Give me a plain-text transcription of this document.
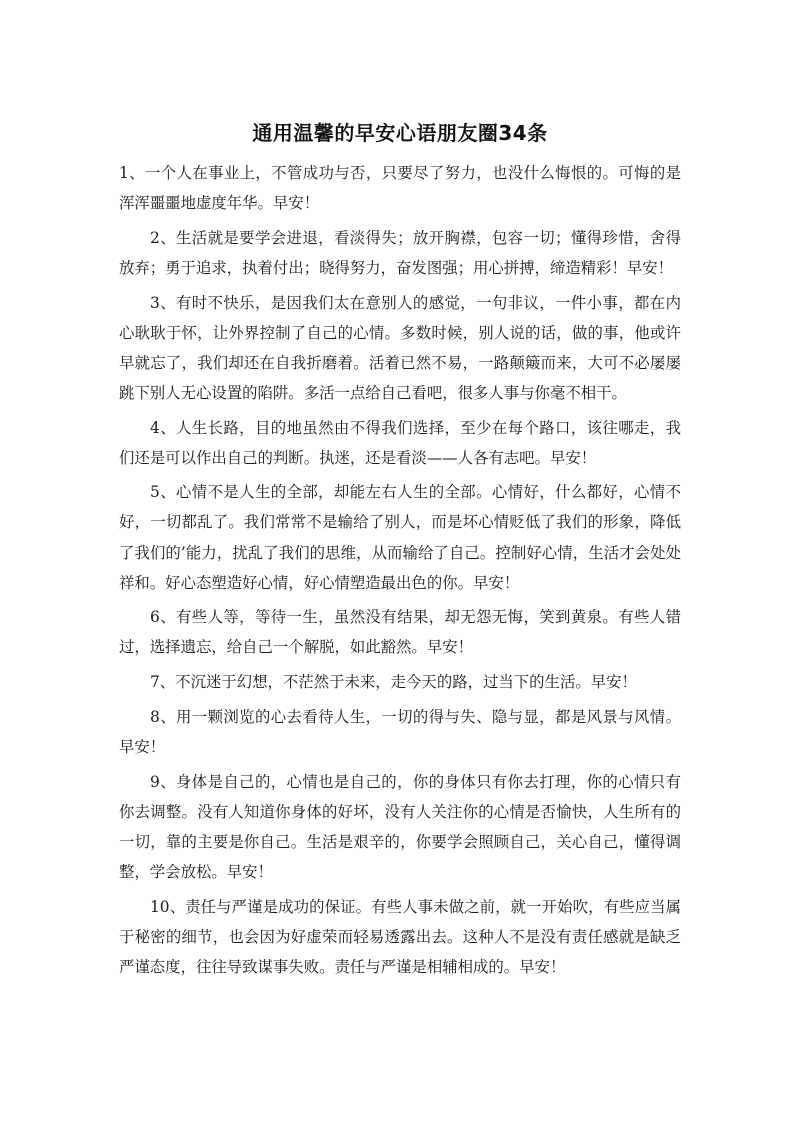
通用温馨的早安心语朋友圈34条

1、一个人在事业上，不管成功与否，只要尽了努力，也没什么悔恨的。可悔的是浑浑噩噩地虚度年华。早安！

2、生活就是要学会进退，看淡得失；放开胸襟，包容一切；懂得珍惜，舍得放弃；勇于追求，执着付出；晓得努力，奋发图强；用心拼搏，缔造精彩！早安！

3、有时不快乐，是因我们太在意别人的感觉，一句非议，一件小事，都在内心耿耿于怀，让外界控制了自己的心情。多数时候，别人说的话，做的事，他或许早就忘了，我们却还在自我折磨着。活着已然不易，一路颠簸而来，大可不必屡屡跳下别人无心设置的陷阱。多活一点给自己看吧，很多人事与你毫不相干。

4、人生长路，目的地虽然由不得我们选择，至少在每个路口，该往哪走，我们还是可以作出自己的判断。执迷，还是看淡——人各有志吧。早安！

5、心情不是人生的全部，却能左右人生的全部。心情好，什么都好，心情不好，一切都乱了。我们常常不是输给了别人，而是坏心情贬低了我们的形象，降低了我们的’能力，扰乱了我们的思维，从而输给了自己。控制好心情，生活才会处处祥和。好心态塑造好心情，好心情塑造最出色的你。早安！

6、有些人等，等待一生，虽然没有结果，却无怨无悔，笑到黄泉。有些人错过，选择遗忘，给自己一个解脱，如此豁然。早安！

7、不沉迷于幻想，不茫然于未来，走今天的路，过当下的生活。早安！

8、用一颗浏览的心去看待人生，一切的得与失、隐与显，都是风景与风情。早安！

9、身体是自己的，心情也是自己的，你的身体只有你去打理，你的心情只有你去调整。没有人知道你身体的好坏，没有人关注你的心情是否愉快，人生所有的一切，靠的主要是你自己。生活是艰辛的，你要学会照顾自己，关心自己，懂得调整，学会放松。早安！

10、责任与严谨是成功的保证。有些人事未做之前，就一开始吹，有些应当属于秘密的细节，也会因为好虚荣而轻易透露出去。这种人不是没有责任感就是缺乏严谨态度，往往导致谋事失败。责任与严谨是相辅相成的。早安！
